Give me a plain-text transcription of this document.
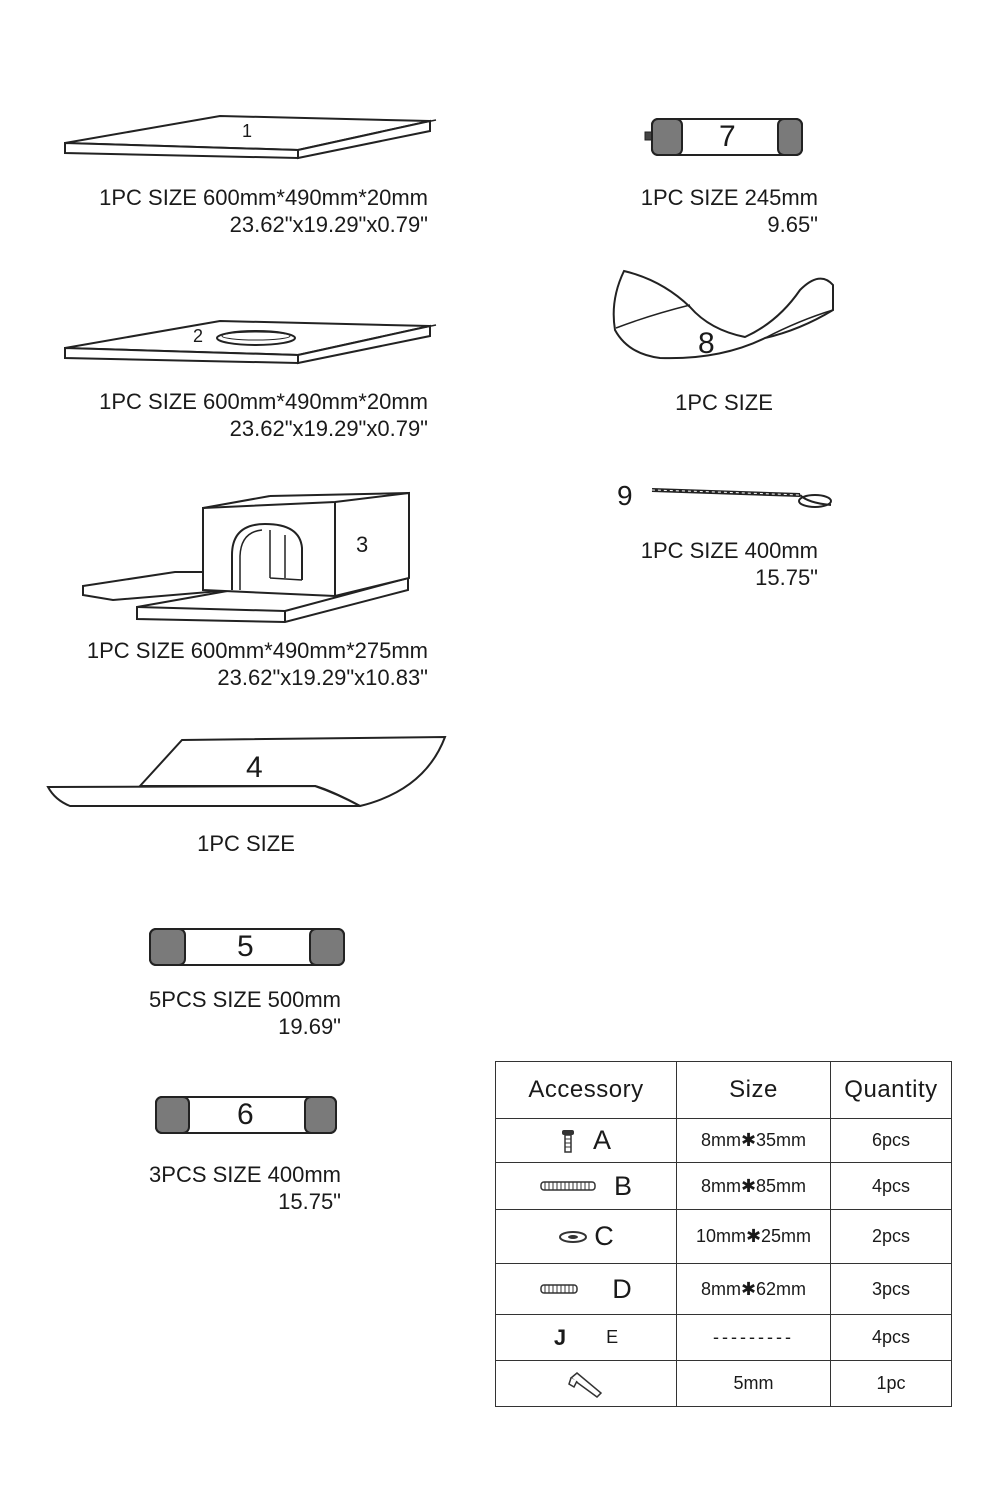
1
1PC SIZE 600mm*490mm*20mm
23.62"x19.29"x0.79"
2
1PC SIZE 600mm*490mm*20mm
23.62"x19.29"x0.79"
3
1PC SIZE 600mm*490mm*275mm
23.62"x19.29"x10.83"
4
1PC SIZE
5
5PCS SIZE 500mm
19.69"
6
3PCS SIZE 400mm
15.75"
7
1PC SIZE 245mm
9.65"
8
1PC SIZE
9
1PC SIZE 400mm
15.75"
Accessory	Size	Quantity

A	8mm✱35mm	6pcs

B	8mm✱85mm	4pcs

C	10mm✱25mm	2pcs

D	8mm✱62mm	3pcs

J E	---------	4pcs

	5mm	1pc
